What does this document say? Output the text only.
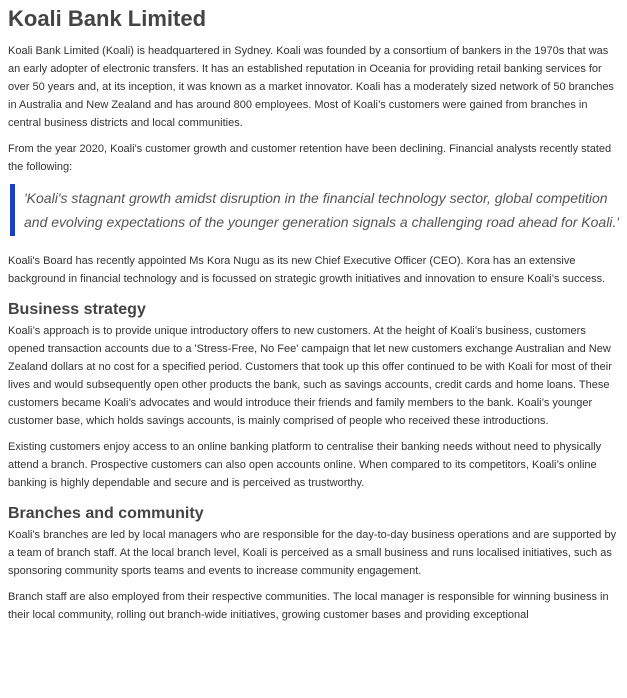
Koali Bank Limited

Koali Bank Limited (Koali) is headquartered in Sydney. Koali was founded by a consortium of bankers in the 1970s that was an early adopter of electronic transfers. It has an established reputation in Oceania for providing retail banking services for over 50 years and, at its inception, it was known as a market innovator. Koali has a moderately sized network of 50 branches in Australia and New Zealand and has around 800 employees. Most of Koali’s customers were gained from branches in central business districts and local communities.

From the year 2020, Koali's customer growth and customer retention have been declining. Financial analysts recently stated the following:

'Koali's stagnant growth amidst disruption in the financial technology sector, global competition and evolving expectations of the younger generation signals a challenging road ahead for Koali.'

Koali's Board has recently appointed Ms Kora Nugu as its new Chief Executive Officer (CEO). Kora has an extensive background in financial technology and is focussed on strategic growth initiatives and innovation to ensure Koali’s success.

Business strategy

Koali’s approach is to provide unique introductory offers to new customers. At the height of Koali’s business, customers opened transaction accounts due to a 'Stress-Free, No Fee' campaign that let new customers exchange Australian and New Zealand dollars at no cost for a specified period. Customers that took up this offer continued to be with Koali for most of their lives and would subsequently open other products the bank, such as savings accounts, credit cards and home loans. These customers became Koali’s advocates and would introduce their friends and family members to the bank. Koali’s younger customer base, which holds savings accounts, is mainly comprised of people who received these introductions.

Existing customers enjoy access to an online banking platform to centralise their banking needs without need to physically attend a branch. Prospective customers can also open accounts online. When compared to its competitors, Koali’s online banking is highly dependable and secure and is perceived as trustworthy.

Branches and community

Koali's branches are led by local managers who are responsible for the day-to-day business operations and are supported by a team of branch staff. At the local branch level, Koali is perceived as a small business and runs localised initiatives, such as sponsoring community sports teams and events to increase community engagement.

Branch staff are also employed from their respective communities. The local manager is responsible for winning business in their local community, rolling out branch-wide initiatives, growing customer bases and providing exceptional
